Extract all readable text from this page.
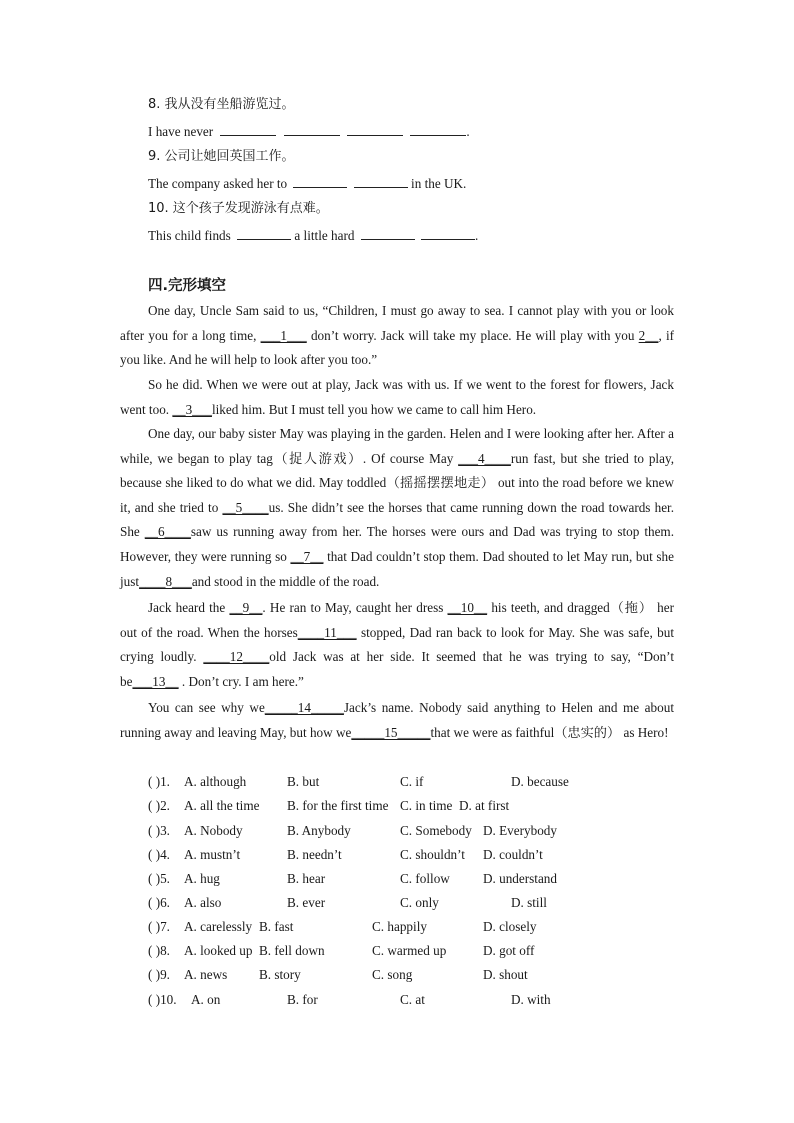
8. 我从没有坐船游览过。
I have never	.
9. 公司让她回英国工作。
The company asked her to	in the UK.
10. 这个孩子发现游泳有点难。
This child finds	a little hard	.
四.完形填空
One day, Uncle Sam said to us, “Children, I must go away to sea. I cannot play with you or look after you for a long time, ___1___ don’t worry. Jack will take my place. He will play with you 2__, if you like. And he will help to look after you too.”
So he did. When we were out at play, Jack was with us. If we went to the forest for flowers, Jack went too. __3___liked him. But I must tell you how we came to call him Hero.
One day, our baby sister May was playing in the garden. Helen and I were looking after her. After a while, we began to play tag（捉人游戏）. Of course May ___4____run fast, but she tried to play, because she liked to do what we did. May toddled（摇摇摆摆地走） out into the road before we knew it, and she tried to __5____us. She didn’t see the horses that came running down the road towards her. She __6____saw us running away from her. The horses were ours and Dad was trying to stop them. However, they were running so __7__ that Dad couldn’t stop them. Dad shouted to let May run, but she just____8___and stood in the middle of the road.
Jack heard the __9__. He ran to May, caught her dress __10__ his teeth, and dragged（拖） her out of the road. When the horses____11___ stopped, Dad ran back to look for May. She was safe, but crying loudly. ____12____old Jack was at her side. It seemed that he was trying to say, “Don’t be___13__ . Don’t cry. I am here.”
You can see why we_____14_____Jack’s name. Nobody said anything to Helen and me about running away and leaving May, but how we_____15_____that we were as faithful（忠实的） as Hero!
( )1. A. although	B. but	C. if	D. because
( )2. A. all the time B. for the first time C. in time D. at first
( )3. A. Nobody	B. Anybody	C. Somebody D. Everybody
( )4. A. mustn’t	B. needn’t	C. shouldn’t D. couldn’t
( )5. A. hug	B. hear	C. follow	D. understand
( )6. A. also	B. ever	C. only	D. still
( )7. A. carelessly B. fast	C. happily	D. closely
( )8. A. looked up B. fell down	C. warmed up	D. got off
( )9. A. news B. story	C. song	D. shout
( )10. A. on	B. for	C. at	D. with
